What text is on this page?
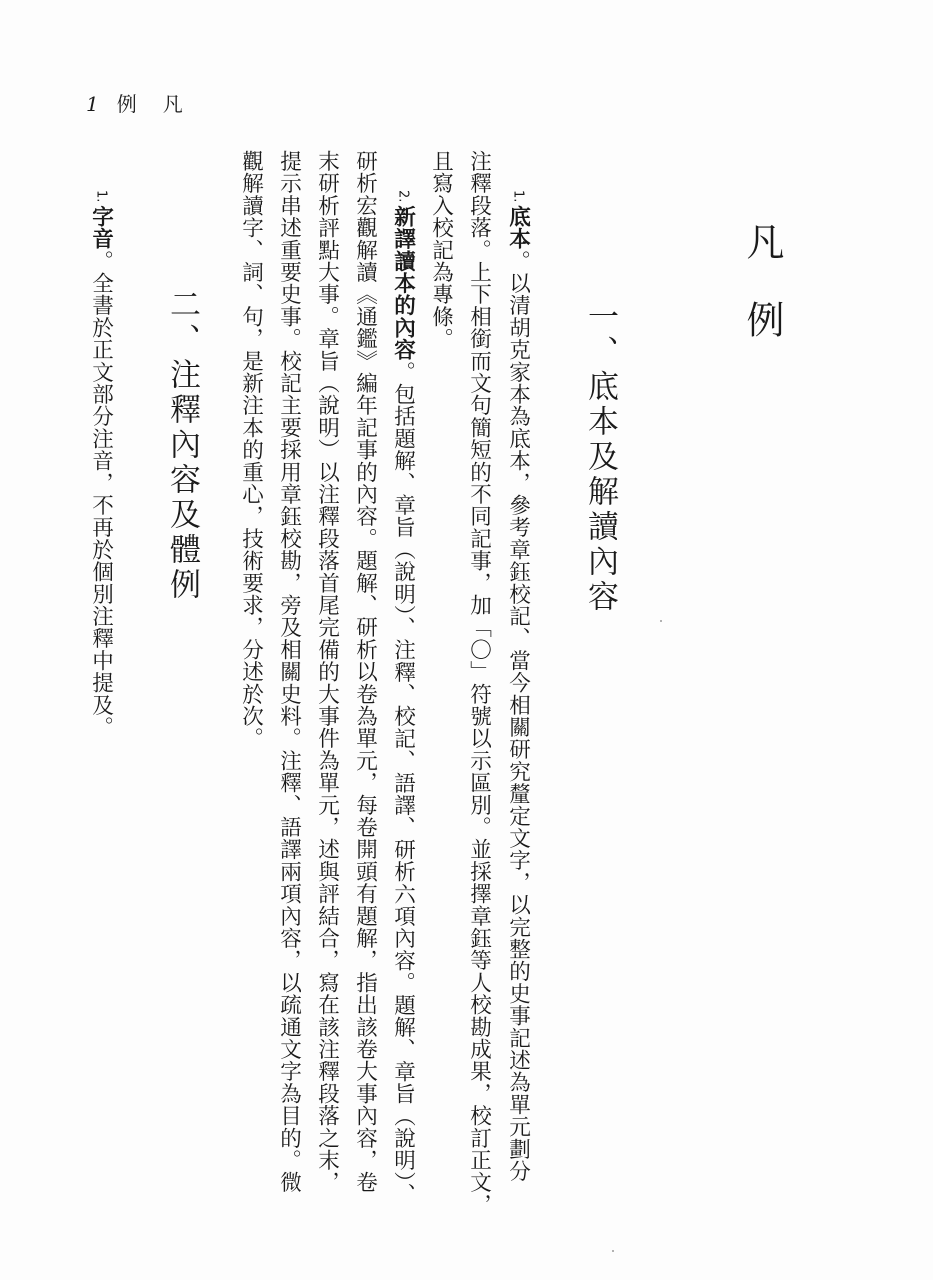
1 例凡
凡例
一、底本及解讀內容
1.底本。以清胡克家本為底本，參考章鈺校記、當今相關研究釐定文字，以完整的史事記述為單元劃分
注釋段落。上下相銜而文句簡短的不同記事，加「〇」符號以示區別。並採擇章鈺等人校勘成果，校訂正文，
且寫入校記為專條。
2.新譯讀本的內容。包括題解、章旨（說明）、注釋、校記、語譯、研析六項內容。題解、章旨（說明）、
研析宏觀解讀《通鑑》編年記事的內容。題解、研析以卷為單元，每卷開頭有題解，指出該卷大事內容，卷
末研析評點大事。章旨（說明）以注釋段落首尾完備的大事件為單元，述與評結合，寫在該注釋段落之末，
提示串述重要史事。校記主要採用章鈺校勘，旁及相關史料。注釋、語譯兩項內容，以疏通文字為目的。微
觀解讀字、詞、句，是新注本的重心，技術要求，分述於次。
二、注釋內容及體例
1.字音。全書於正文部分注音，不再於個別注釋中提及。
